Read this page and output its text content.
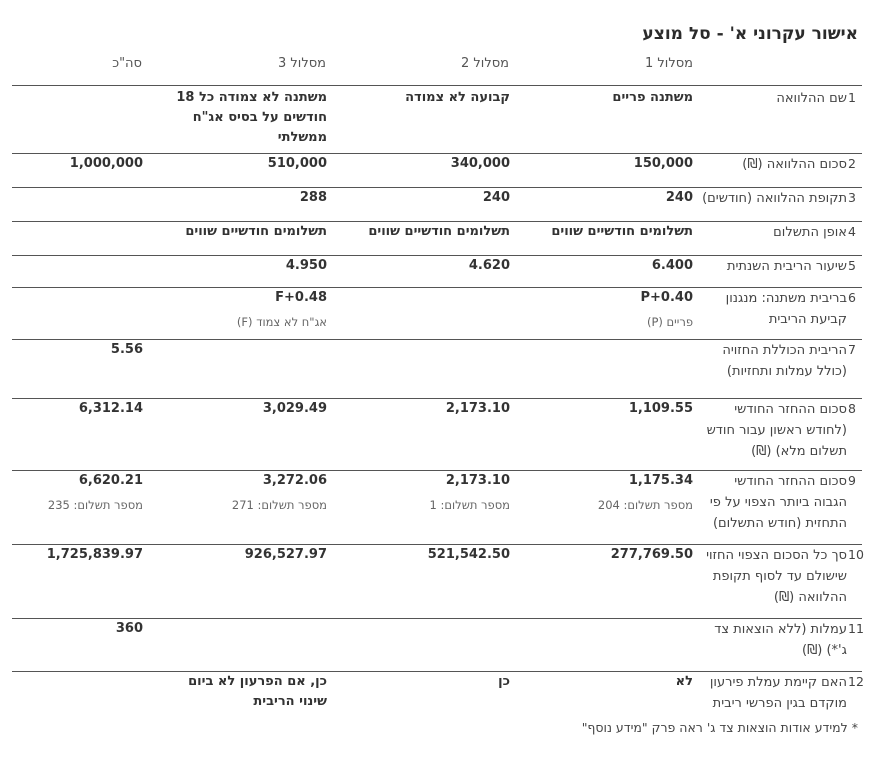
אישור עקרוני א' - סל מוצע
מסלול 1
מסלול 2
מסלול 3
סה"כ
1
שם ההלוואה
משתנה פריים
קבועה לא צמודה
משתנה לא צמודה כל 18 חודשים על בסיס אג"ח ממשלתי
2
סכום ההלוואה (₪)
150,000
340,000
510,000
1,000,000
3
תקופת ההלוואה (חודשים)
240
240
288
4
אופן התשלום
תשלומים חודשיים שווים
תשלומים חודשיים שווים
תשלומים חודשיים שווים
5
שיעור הריבית השנתית
6.400
4.620
4.950
6
בריבית משתנה: מנגנון קביעת הריבית
P+0.40
פריים (P)
F+0.48
אג"ח לא צמוד (F)
7
הריבית הכוללת החזויה (כולל עמלות ותחזיות)
5.56
8
סכום ההחזר החודשי (לחודש ראשון עבור חודש תשלום מלא) (₪)
1,109.55
2,173.10
3,029.49
6,312.14
9
סכום ההחזר החודשי הגבוה ביותר הצפוי על פי התחזית (חודש התשלום)
1,175.34
מספר תשלום: 204
2,173.10
מספר תשלום: 1
3,272.06
מספר תשלום: 271
6,620.21
מספר תשלום: 235
10
סך כל הסכום הצפוי החזוי שישולם עד לסוף תקופת ההלוואה (₪)
277,769.50
521,542.50
926,527.97
1,725,839.97
11
עמלות (ללא הוצאות צד ג'*) (₪)
360
12
האם קיימת עמלת פירעון מוקדם בגין הפרשי ריבית
לא
כן
כן, אם הפרעון לא ביום שינוי הריבית
* למידע אודות הוצאות צד ג' ראה פרק "מידע נוסף"
